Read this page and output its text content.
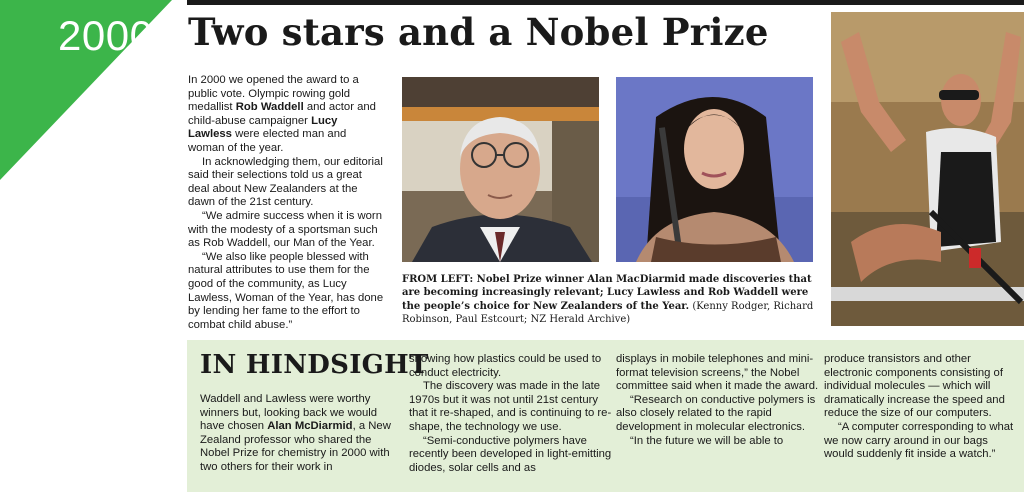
2000 Two stars and a Nobel Prize

In 2000 we opened the award to a public vote. Olympic rowing gold medallist Rob Waddell and actor and child-abuse campaigner Lucy Lawless were elected man and woman of the year.

In acknowledging them, our editorial said their selections told us a great deal about New Zealanders at the dawn of the 21st century.

“We admire success when it is worn with the modesty of a sportsman such as Rob Waddell, our Man of the Year.

“We also like people blessed with natural attributes to use them for the good of the community, as Lucy Lawless, Woman of the Year, has done by lending her fame to the effort to combat child abuse.”

FROM LEFT: Nobel Prize winner Alan MacDiarmid made discoveries that are becoming increasingly relevant; Lucy Lawless and Rob Waddell were the people’s choice for New Zealanders of the Year. (Kenny Rodger, Richard Robinson, Paul Estcourt; NZ Herald Archive)
IN HINDSIGHT

Waddell and Lawless were worthy winners but, looking back we would have chosen Alan McDiarmid, a New Zealand professor who shared the Nobel Prize for chemistry in 2000 with two others for their work in

showing how plastics could be used to conduct electricity.

The discovery was made in the late 1970s but it was not until 21st century that it re-shaped, and is continuing to re-shape, the technology we use.

“Semi-conductive polymers have recently been developed in light-emitting diodes, solar cells and as

displays in mobile telephones and mini-format television screens,” the Nobel committee said when it made the award.

“Research on conductive polymers is also closely related to the rapid development in molecular electronics.

“In the future we will be able to

produce transistors and other electronic components consisting of individual molecules — which will dramatically increase the speed and reduce the size of our computers.

“A computer corresponding to what we now carry around in our bags would suddenly fit inside a watch.”
